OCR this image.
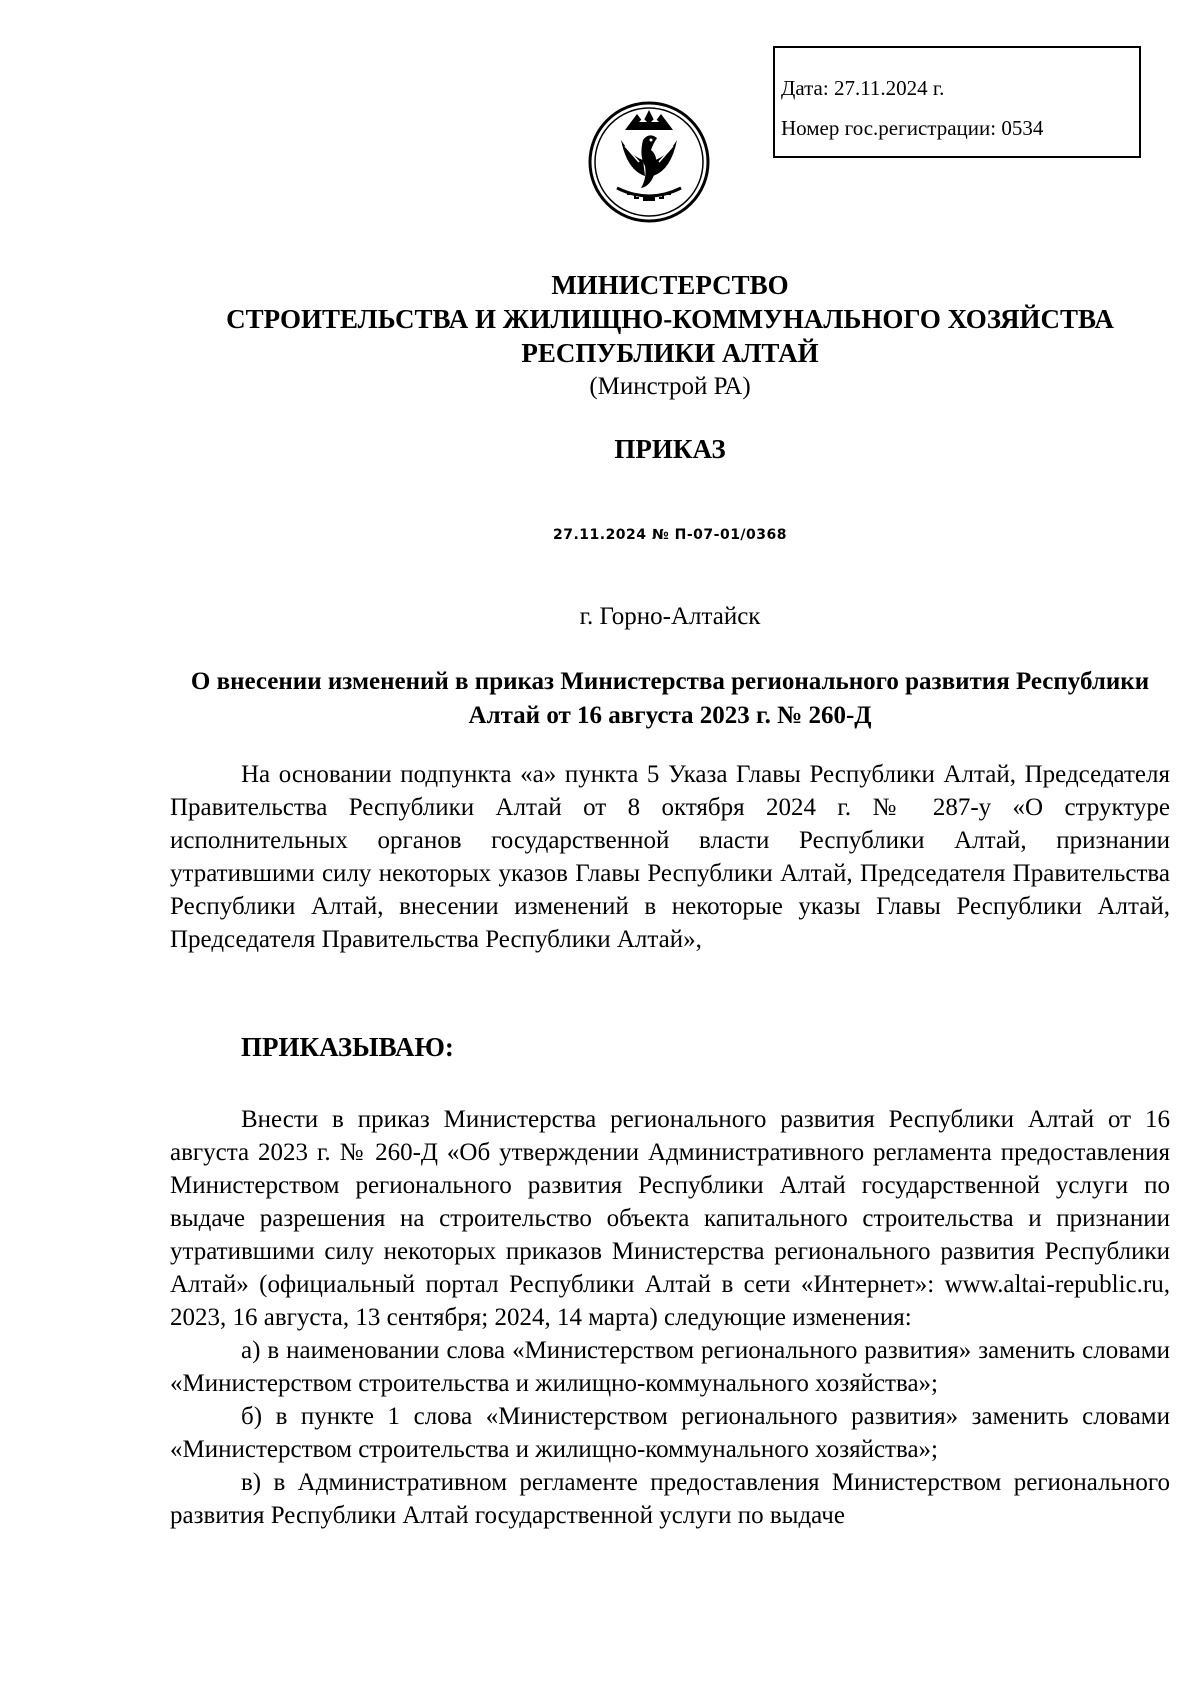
Дата: 27.11.2024 г.
Номер гос.регистрации: 0534
МИНИСТЕРСТВО
СТРОИТЕЛЬСТВА И ЖИЛИЩНО-КОММУНАЛЬНОГО ХОЗЯЙСТВА
РЕСПУБЛИКИ АЛТАЙ
(Минстрой РА)
ПРИКАЗ
27.11.2024 № П-07-01/0368
г. Горно-Алтайск
О внесении изменений в приказ Министерства регионального развития Республики Алтай от 16 августа 2023 г. № 260-Д

На основании подпункта «а» пункта 5 Указа Главы Республики Алтай, Председателя Правительства Республики Алтай от 8 октября 2024 г. № 287-у «О структуре исполнительных органов государственной власти Республики Алтай, признании утратившими силу некоторых указов Главы Республики Алтай, Председателя Правительства Республики Алтай, внесении изменений в некоторые указы Главы Республики Алтай, Председателя Правительства Республики Алтай»,

ПРИКАЗЫВАЮ:

Внести в приказ Министерства регионального развития Республики Алтай от 16 августа 2023 г. № 260-Д «Об утверждении Административного регламента предоставления Министерством регионального развития Республики Алтай государственной услуги по выдаче разрешения на строительство объекта капитального строительства и признании утратившими силу некоторых приказов Министерства регионального развития Республики Алтай» (официальный портал Республики Алтай в сети «Интернет»: www.altai-republic.ru, 2023, 16 августа, 13 сентября; 2024, 14 марта) следующие изменения:

а) в наименовании слова «Министерством регионального развития» заменить словами «Министерством строительства и жилищно-коммунального хозяйства»;

б) в пункте 1 слова «Министерством регионального развития» заменить словами «Министерством строительства и жилищно-коммунального хозяйства»;

в) в Административном регламенте предоставления Министерством регионального развития Республики Алтай государственной услуги по выдаче
